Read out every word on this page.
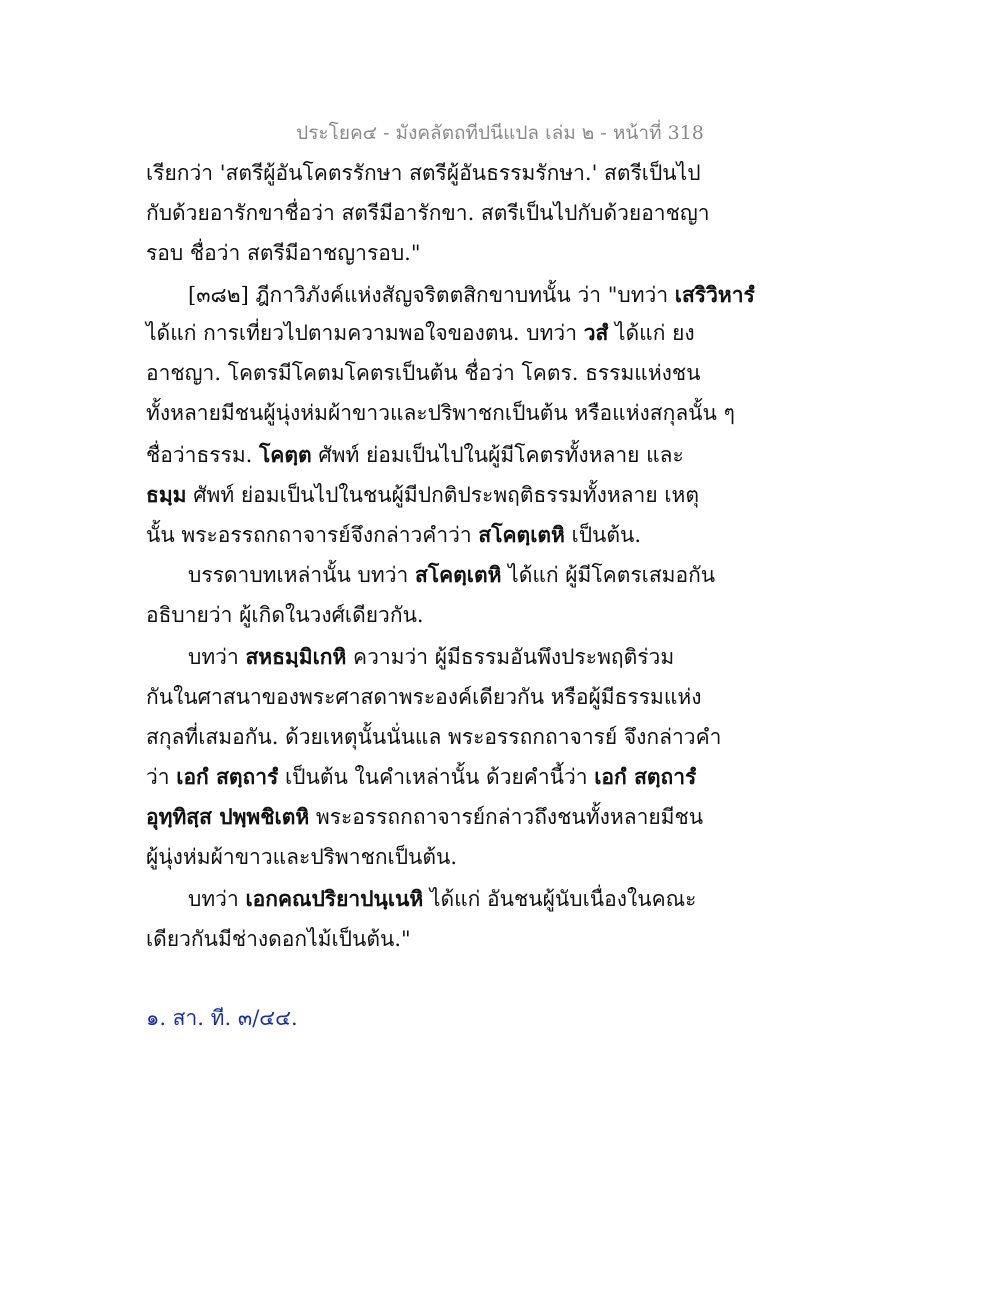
ประโยค๔ - มังคลัตถทีปนีแปล เล่ม ๒ - หน้าที่ 318
เรียกว่า 'สตรีผู้อันโคตรรักษา สตรีผู้อันธรรมรักษา.' สตรีเป็นไป
กับด้วยอารักขาชื่อว่า สตรีมีอารักขา. สตรีเป็นไปกับด้วยอาชญา
รอบ ชื่อว่า สตรีมีอาชญารอบ."
[๓๘๒] ฎีกาวิภังค์แห่งสัญจริตตสิกขาบทนั้น ว่า "บทว่า เสริวิหารํ
ได้แก่ การเที่ยวไปตามความพอใจของตน. บทว่า วสํ ได้แก่ ยง
อาชญา. โคตรมีโคตมโคตรเป็นต้น ชื่อว่า โคตร. ธรรมแห่งชน
ทั้งหลายมีชนผู้นุ่งห่มผ้าขาวและปริพาชกเป็นต้น หรือแห่งสกุลนั้น ๆ
ชื่อว่าธรรม. โคตฺต ศัพท์ ย่อมเป็นไปในผู้มีโคตรทั้งหลาย และ
ธมฺม ศัพท์ ย่อมเป็นไปในชนผู้มีปกติประพฤติธรรมทั้งหลาย เหตุ
นั้น พระอรรถกถาจารย์จึงกล่าวคำว่า สโคตฺเตหิ เป็นต้น.
บรรดาบทเหล่านั้น บทว่า สโคตฺเตหิ ได้แก่ ผู้มีโคตรเสมอกัน
อธิบายว่า ผู้เกิดในวงศ์เดียวกัน.
บทว่า สหธมฺมิเกหิ ความว่า ผู้มีธรรมอันพึงประพฤติร่วม
กันในศาสนาของพระศาสดาพระองค์เดียวกัน หรือผู้มีธรรมแห่ง
สกุลที่เสมอกัน. ด้วยเหตุนั้นนั่นแล พระอรรถกถาจารย์ จึงกล่าวคำ
ว่า เอกํ สตฺถารํ เป็นต้น ในคำเหล่านั้น ด้วยคำนี้ว่า เอกํ สตฺถารํ
อุทฺทิสฺส ปพฺพชิเตหิ พระอรรถกถาจารย์กล่าวถึงชนทั้งหลายมีชน
ผู้นุ่งห่มผ้าขาวและปริพาชกเป็นต้น.
บทว่า เอกคณปริยาปนฺเนหิ ได้แก่ อันชนผู้นับเนื่องในคณะ
เดียวกันมีช่างดอกไม้เป็นต้น."
๑. สา. ที. ๓/๔๔.
